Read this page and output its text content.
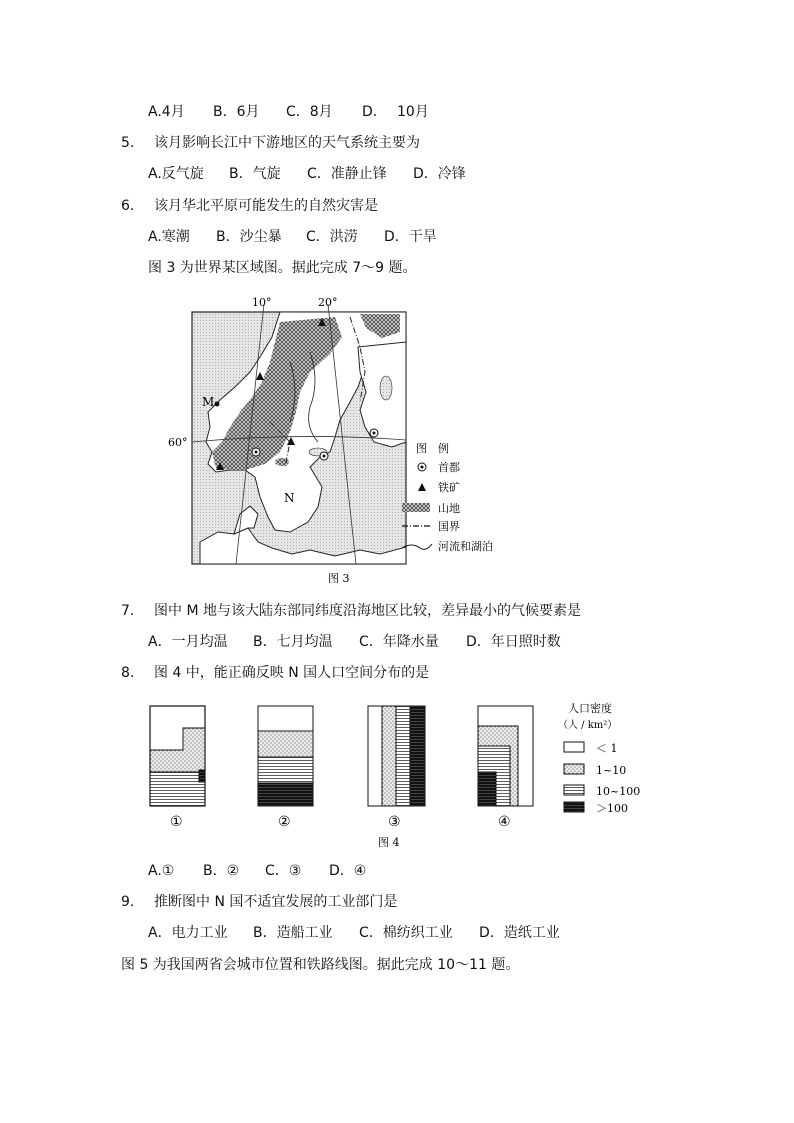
A.4月 B．6月 C．8月 D. 10月
5. 该月影响长江中下游地区的天气系统主要为
A.反气旋 B．气旋 C．准静止锋 D．冷锋
6. 该月华北平原可能发生的自然灾害是
A.寒潮 B．沙尘暴 C．洪涝 D．干旱
图 3 为世界某区域图。据此完成 7～9 题。
10°	20°
60°
M
N
图　例
首都
铁矿
山地
国界
河流和湖泊
图 3
7. 图中 M 地与该大陆东部同纬度沿海地区比较，差异最小的气候要素是
A．一月均温 B．七月均温 C．年降水量 D．年日照时数
8. 图 4 中，能正确反映 N 国人口空间分布的是
①	②	③	④
人口密度
（人 / km²）
＜ 1
1~10
10~100
＞100
图 4
A.① B．② C．③ D．④
9. 推断图中 N 国不适宜发展的工业部门是
A．电力工业 B．造船工业 C．棉纺织工业 D．造纸工业
图 5 为我国两省会城市位置和铁路线图。据此完成 10～11 题。
